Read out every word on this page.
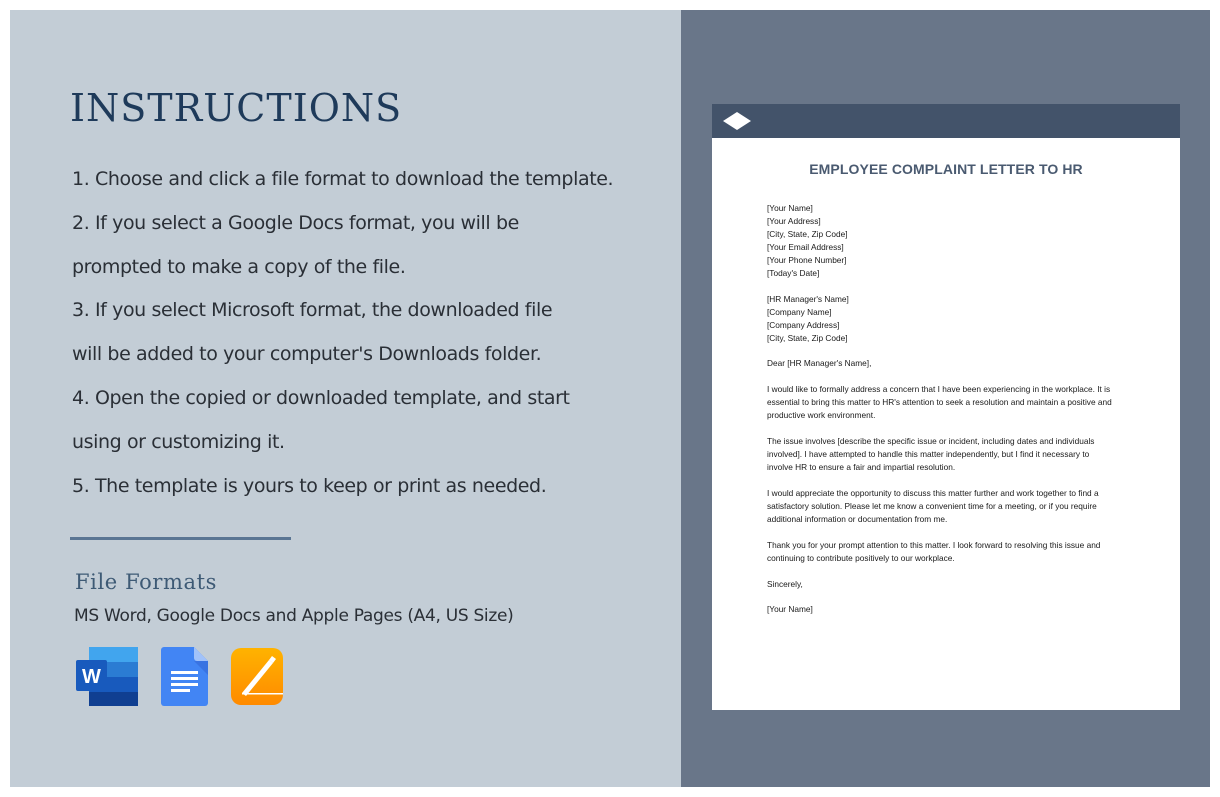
INSTRUCTIONS
1. Choose and click a file format to download the template.
2. If you select a Google Docs format, you will be
prompted to make a copy of the file.
3. If you select Microsoft format, the downloaded file
will be added to your computer's Downloads folder.
4. Open the copied or downloaded template, and start
using or customizing it.
5. The template is yours to keep or print as needed.
File Formats
MS Word, Google Docs and Apple Pages (A4, US Size)
W
EMPLOYEE COMPLAINT LETTER TO HR
[Your Name]
[Your Address]
[City, State, Zip Code]
[Your Email Address]
[Your Phone Number]
[Today's Date]
[HR Manager's Name]
[Company Name]
[Company Address]
[City, State, Zip Code]
Dear [HR Manager's Name],
I would like to formally address a concern that I have been experiencing in the workplace. It is
essential to bring this matter to HR's attention to seek a resolution and maintain a positive and
productive work environment.
The issue involves [describe the specific issue or incident, including dates and individuals
involved]. I have attempted to handle this matter independently, but I find it necessary to
involve HR to ensure a fair and impartial resolution.
I would appreciate the opportunity to discuss this matter further and work together to find a
satisfactory solution. Please let me know a convenient time for a meeting, or if you require
additional information or documentation from me.
Thank you for your prompt attention to this matter. I look forward to resolving this issue and
continuing to contribute positively to our workplace.
Sincerely,
[Your Name]
